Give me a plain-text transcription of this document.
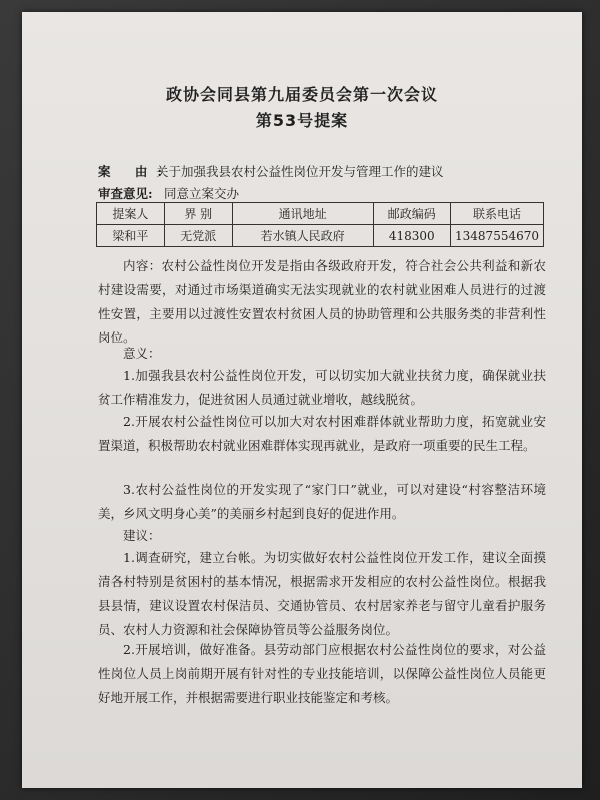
政协会同县第九届委员会第一次会议
第53号提案
案 由:
关于加强我县农村公益性岗位开发与管理工作的建议
审查意见: 同意立案交办
提案人	界 别	通讯地址	邮政编码	联系电话
梁和平	无党派	若水镇人民政府	418300	13487554670
内容：农村公益性岗位开发是指由各级政府开发，符合社会公共利益和新农村建设需要，对通过市场渠道确实无法实现就业的农村就业困难人员进行的过渡性安置，主要用以过渡性安置农村贫困人员的协助管理和公共服务类的非营利性岗位。
意义：
1.加强我县农村公益性岗位开发，可以切实加大就业扶贫力度，确保就业扶贫工作精准发力，促进贫困人员通过就业增收，越线脱贫。
2.开展农村公益性岗位可以加大对农村困难群体就业帮助力度，拓宽就业安置渠道，积极帮助农村就业困难群体实现再就业，是政府一项重要的民生工程。
3.农村公益性岗位的开发实现了“家门口”就业，可以对建设“村容整洁环境美，乡风文明身心美”的美丽乡村起到良好的促进作用。
建议：
1.调查研究，建立台帐。为切实做好农村公益性岗位开发工作，建议全面摸清各村特别是贫困村的基本情况，根据需求开发相应的农村公益性岗位。根据我县县情，建议设置农村保洁员、交通协管员、农村居家养老与留守儿童看护服务员、农村人力资源和社会保障协管员等公益服务岗位。
2.开展培训，做好准备。县劳动部门应根据农村公益性岗位的要求，对公益性岗位人员上岗前期开展有针对性的专业技能培训，以保障公益性岗位人员能更好地开展工作，并根据需要进行职业技能鉴定和考核。
